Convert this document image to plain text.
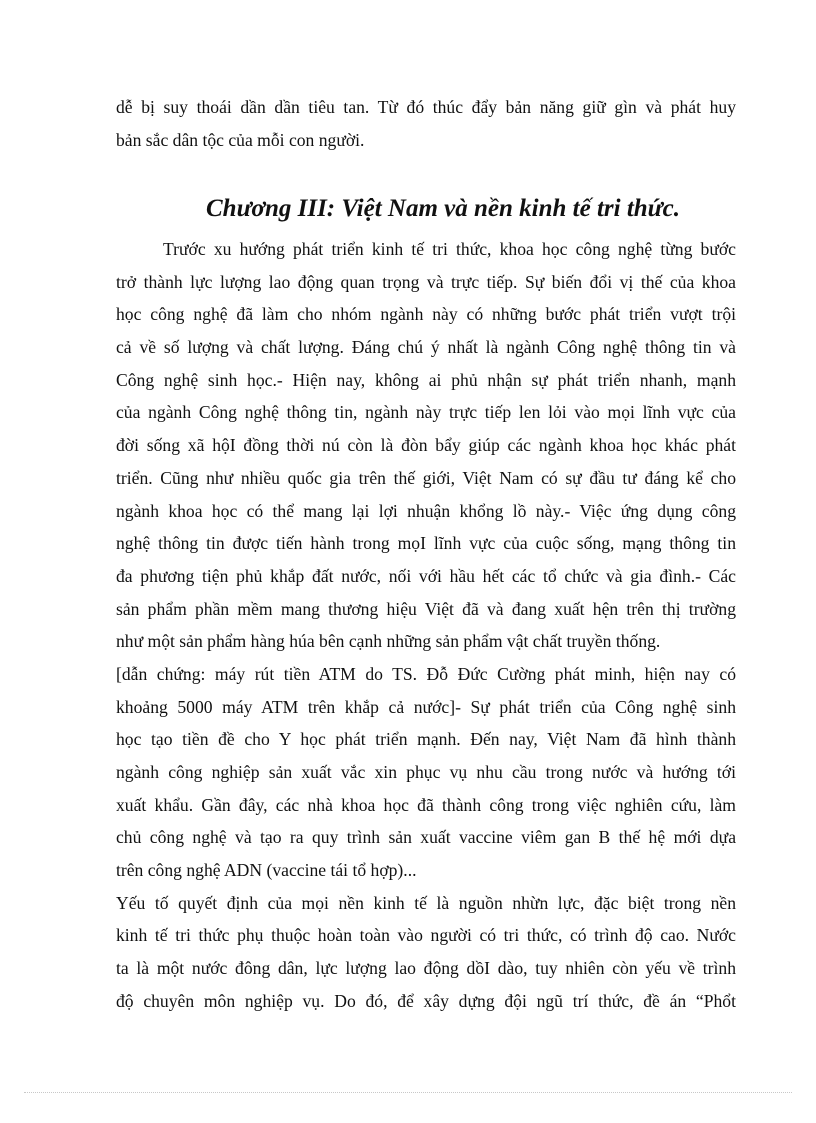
dễ bị suy thoái dần dần tiêu tan. Từ đó thúc đẩy bản năng giữ gìn và phát huy
bản sắc dân tộc của mỗi con người.
Chương III: Việt Nam và nền kinh tế tri thức.
Trước xu hướng phát triển kinh tế tri thức, khoa học công nghệ từng bước
trở thành lực lượng lao động quan trọng và trực tiếp. Sự biến đổi vị thế của khoa
học công nghệ đã làm cho nhóm ngành này có những bước phát triển vượt trội
cả về số lượng và chất lượng. Đáng chú ý nhất là ngành Công nghệ thông tin và
Công nghệ sinh học.- Hiện nay, không ai phủ nhận sự phát triển nhanh, mạnh
của ngành Công nghệ thông tin, ngành này trực tiếp len lỏi vào mọi lĩnh vực của
đời sống xã hộI đồng thời nú còn là đòn bẩy giúp các ngành khoa học khác phát
triển. Cũng như nhiều quốc gia trên thế giới, Việt Nam có sự đầu tư đáng kể cho
ngành khoa học có thể mang lại lợi nhuận khổng lồ này.- Việc ứng dụng công
nghệ thông tin được tiến hành trong mọI lĩnh vực của cuộc sống, mạng thông tin
đa phương tiện phủ khắp đất nước, nối với hầu hết các tổ chức và gia đình.- Các
sản phẩm phần mềm mang thương hiệu Việt đã và đang xuất hện trên thị trường
như một sản phẩm hàng húa bên cạnh những sản phẩm vật chất truyền thống.
[dẫn chứng: máy rút tiền ATM do TS. Đỗ Đức Cường phát minh, hiện nay có
khoảng 5000 máy ATM trên khắp cả nước]- Sự phát triển của Công nghệ sinh
học tạo tiền đề cho Y học phát triển mạnh. Đến nay, Việt Nam đã hình thành
ngành công nghiệp sản xuất vắc xin phục vụ nhu cầu trong nước và hướng tới
xuất khẩu. Gần đây, các nhà khoa học đã thành công trong việc nghiên cứu, làm
chủ công nghệ và tạo ra quy trình sản xuất vaccine viêm gan B thế hệ mới dựa
trên công nghệ ADN (vaccine tái tổ hợp)...
Yếu tố quyết định của mọi nền kinh tế là nguồn nhừn lực, đặc biệt trong nền
kinh tế tri thức phụ thuộc hoàn toàn vào người có tri thức, có trình độ cao. Nước
ta là một nước đông dân, lực lượng lao động dồI dào, tuy nhiên còn yếu về trình
độ chuyên môn nghiệp vụ. Do đó, để xây dựng đội ngũ trí thức, đề án “Phổt
